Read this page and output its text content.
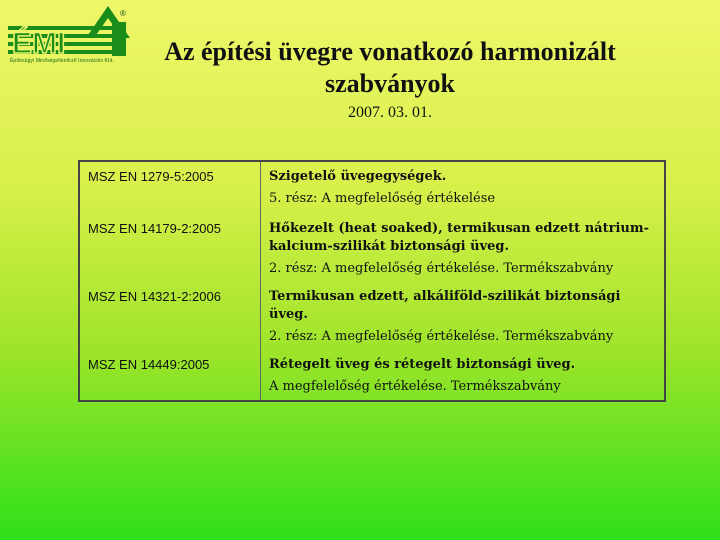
ÉMI
®
Építésügyi Minőségellenőrző Innovációs Kht.	Az építési üvegre vonatkozó harmonizált szabványok
2007. 03. 01.
MSZ EN 1279-5:2005	Szigetelő üvegegységek.
5. rész: A megfelelőség értékelése

MSZ EN 14179-2:2005	Hőkezelt (heat soaked), termikusan edzett nátrium-kalcium-szilikát biztonsági üveg.
2. rész: A megfelelőség értékelése. Termékszabvány

MSZ EN 14321-2:2006	Termikusan edzett, alkáliföld-szilikát biztonsági üveg.
2. rész: A megfelelőség értékelése. Termékszabvány

MSZ EN 14449:2005	Rétegelt üveg és rétegelt biztonsági üveg.
A megfelelőség értékelése. Termékszabvány
